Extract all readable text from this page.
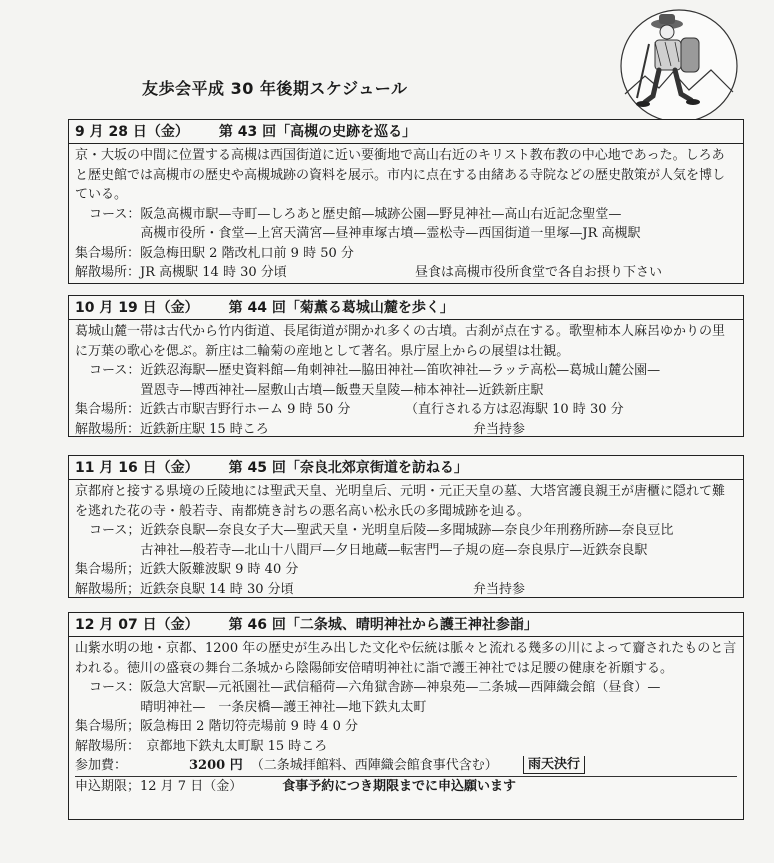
友歩会平成 30 年後期スケジュール
9 月 28 日（金） 第 43 回「高槻の史跡を巡る」

京・大坂の中間に位置する高槻は西国街道に近い要衝地で高山右近のキリスト教布教の中心地であった。しろあと歴史館では高槻市の歴史や高槻城跡の資料を展示。市内に点在する由緒ある寺院などの歴史散策が人気を博している。

コース： 阪急高槻市駅—寺町—しろあと歴史館—城跡公園—野見神社—高山右近記念聖堂—
高槻市役所・食堂—上宮天満宮—昼神車塚古墳—霊松寺—西国街道一里塚—JR 高槻駅
集合場所：阪急梅田駅 2 階改札口前 9 時 50 分
解散場所：JR 高槻駅 14 時 30 分頃	昼食は高槻市役所食堂で各自お摂り下さい
10 月 19 日（金） 第 44 回「菊薫る葛城山麓を歩く」

葛城山麓一帯は古代から竹内街道、長尾街道が開かれ多くの古墳。古刹が点在する。歌聖柿本人麻呂ゆかりの里に万葉の歌心を偲ぶ。新庄は二輪菊の産地として著名。県庁屋上からの展望は壮観。

コース： 近鉄忍海駅—歴史資料館—角刺神社—脇田神社—笛吹神社—ラッテ高松—葛城山麓公園—
置恩寺—博西神社—屋敷山古墳—飯豊天皇陵—柿本神社—近鉄新庄駅
集合場所：近鉄古市駅吉野行ホーム 9 時 50 分	（直行される方は忍海駅 10 時 30 分
解散場所：近鉄新庄駅 15 時ころ	弁当持参
11 月 16 日（金） 第 45 回「奈良北郊京街道を訪ねる」

京都府と接する県境の丘陵地には聖武天皇、光明皇后、元明・元正天皇の墓、大塔宮護良親王が唐櫃に隠れて難を逃れた花の寺・般若寺、南都焼き討ちの悪名高い松永氏の多聞城跡を辿る。

コース； 近鉄奈良駅—奈良女子大—聖武天皇・光明皇后陵—多聞城跡—奈良少年刑務所跡—奈良豆比
古神社—般若寺—北山十八間戸—夕日地蔵—転害門—子規の庭—奈良県庁—近鉄奈良駅
集合場所；近鉄大阪難波駅 9 時 40 分
解散場所；近鉄奈良駅 14 時 30 分頃	弁当持参
12 月 07 日（金） 第 46 回「二条城、晴明神社から護王神社参詣」

山紫水明の地・京都、1200 年の歴史が生み出した文化や伝統は脈々と流れる幾多の川によって齎されたものと言われる。徳川の盛衰の舞台二条城から陰陽師安倍晴明神社に詣で護王神社では足腰の健康を祈願する。

コース： 阪急大宮駅—元祇園社—武信稲荷—六角獄舎跡—神泉苑—二条城—西陣織会館（昼食）—
晴明神社—　一条戻橋—護王神社—地下鉄丸太町
集合場所；阪急梅田 2 階切符売場前 9 時 4 0 分
解散場所：　京都地下鉄丸太町駅 15 時ころ
参加費：	3200 円 （二条城拝館料、西陣織会館食事代含む）	雨天決行
申込期限；12 月 7 日（金）	食事予約につき期限までに申込願います
